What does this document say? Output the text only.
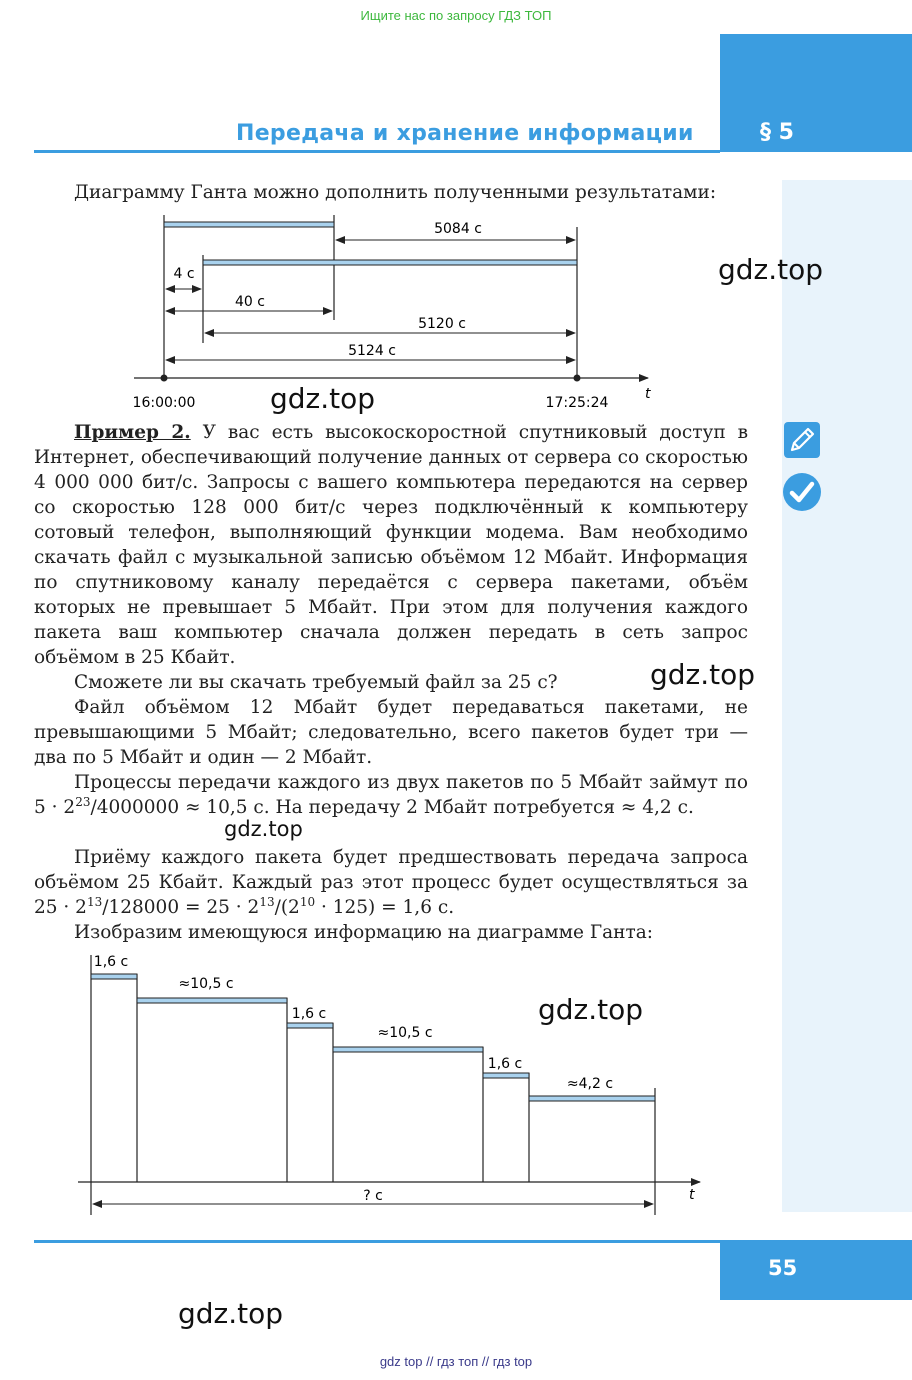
Ищите нас по запросу ГДЗ ТОП
§ 5
Передача и хранение информации
Диаграмму Ганта можно дополнить полученными результатами:
5084 c
4 c
40 c
5120 c
5124 c
16:00:00	17:25:24
t
Пример 2. У вас есть высокоскоростной спутниковый доступ в Интернет, обеспечивающий получение данных от сервера со скоростью 4 000 000 бит/с. Запросы с вашего компьютера передаются на сервер со скоростью 128 000 бит/с через подключённый к компьютеру сотовый телефон, выполняющий функции модема. Вам необходимо скачать файл с музыкальной записью объёмом 12 Мбайт. Информация по спутниковому каналу передаётся с сервера пакетами, объём которых не превышает 5 Мбайт. При этом для получения каждого пакета ваш компьютер сначала должен передать в сеть запрос объёмом в 25 Кбайт.
Сможете ли вы скачать требуемый файл за 25 с?
Файл объёмом 12 Мбайт будет передаваться пакетами, не превышающими 5 Мбайт; следовательно, всего пакетов будет три — два по 5 Мбайт и один — 2 Мбайт.
Процессы передачи каждого из двух пакетов по 5 Мбайт займут по $5 \cdot 2^{23}/4000000 \approx 10,5$ с. На передачу 2 Мбайт потребуется ≈ 4,2 с.
Приёму каждого пакета будет предшествовать передача запроса объёмом 25 Кбайт. Каждый раз этот процесс будет осуществляться за $25 \cdot 2^{13}/128000 = 25 \cdot 2^{13}/(2^{10} \cdot 125) = 1,6$ с.
Изобразим имеющуюся информацию на диаграмме Ганта:
1,6 с
≈10,5 с
1,6 с
≈10,5 с
1,6 с
≈4,2 с
? с	t
gdz.top
gdz.top
gdz.top
gdz.top
gdz.top
gdz.top
55
gdz top // гдз топ // гдз top
